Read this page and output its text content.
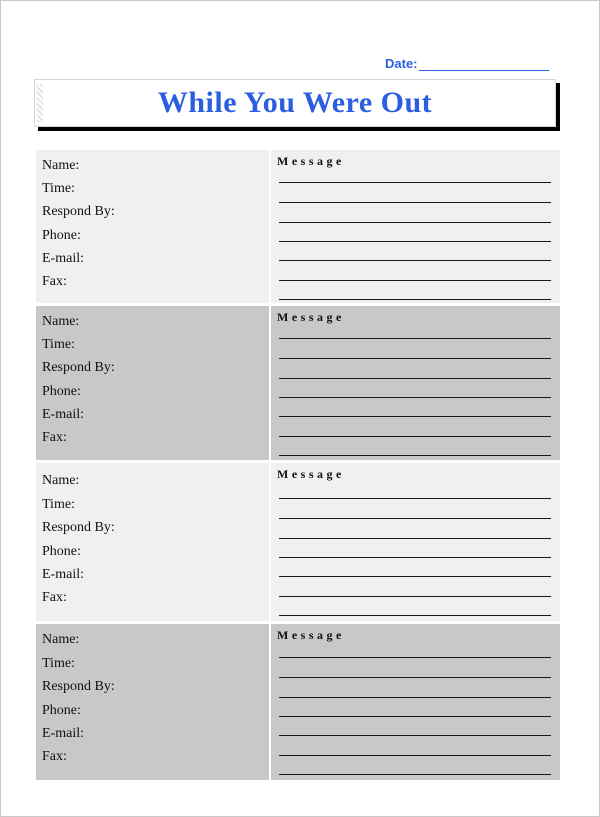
Date:
While You Were Out
Name:
Time:
Respond By:
Phone:
E-mail:
Fax:
Message
Name:
Time:
Respond By:
Phone:
E-mail:
Fax:
Message
Name:
Time:
Respond By:
Phone:
E-mail:
Fax:
Message
Name:
Time:
Respond By:
Phone:
E-mail:
Fax:
Message
